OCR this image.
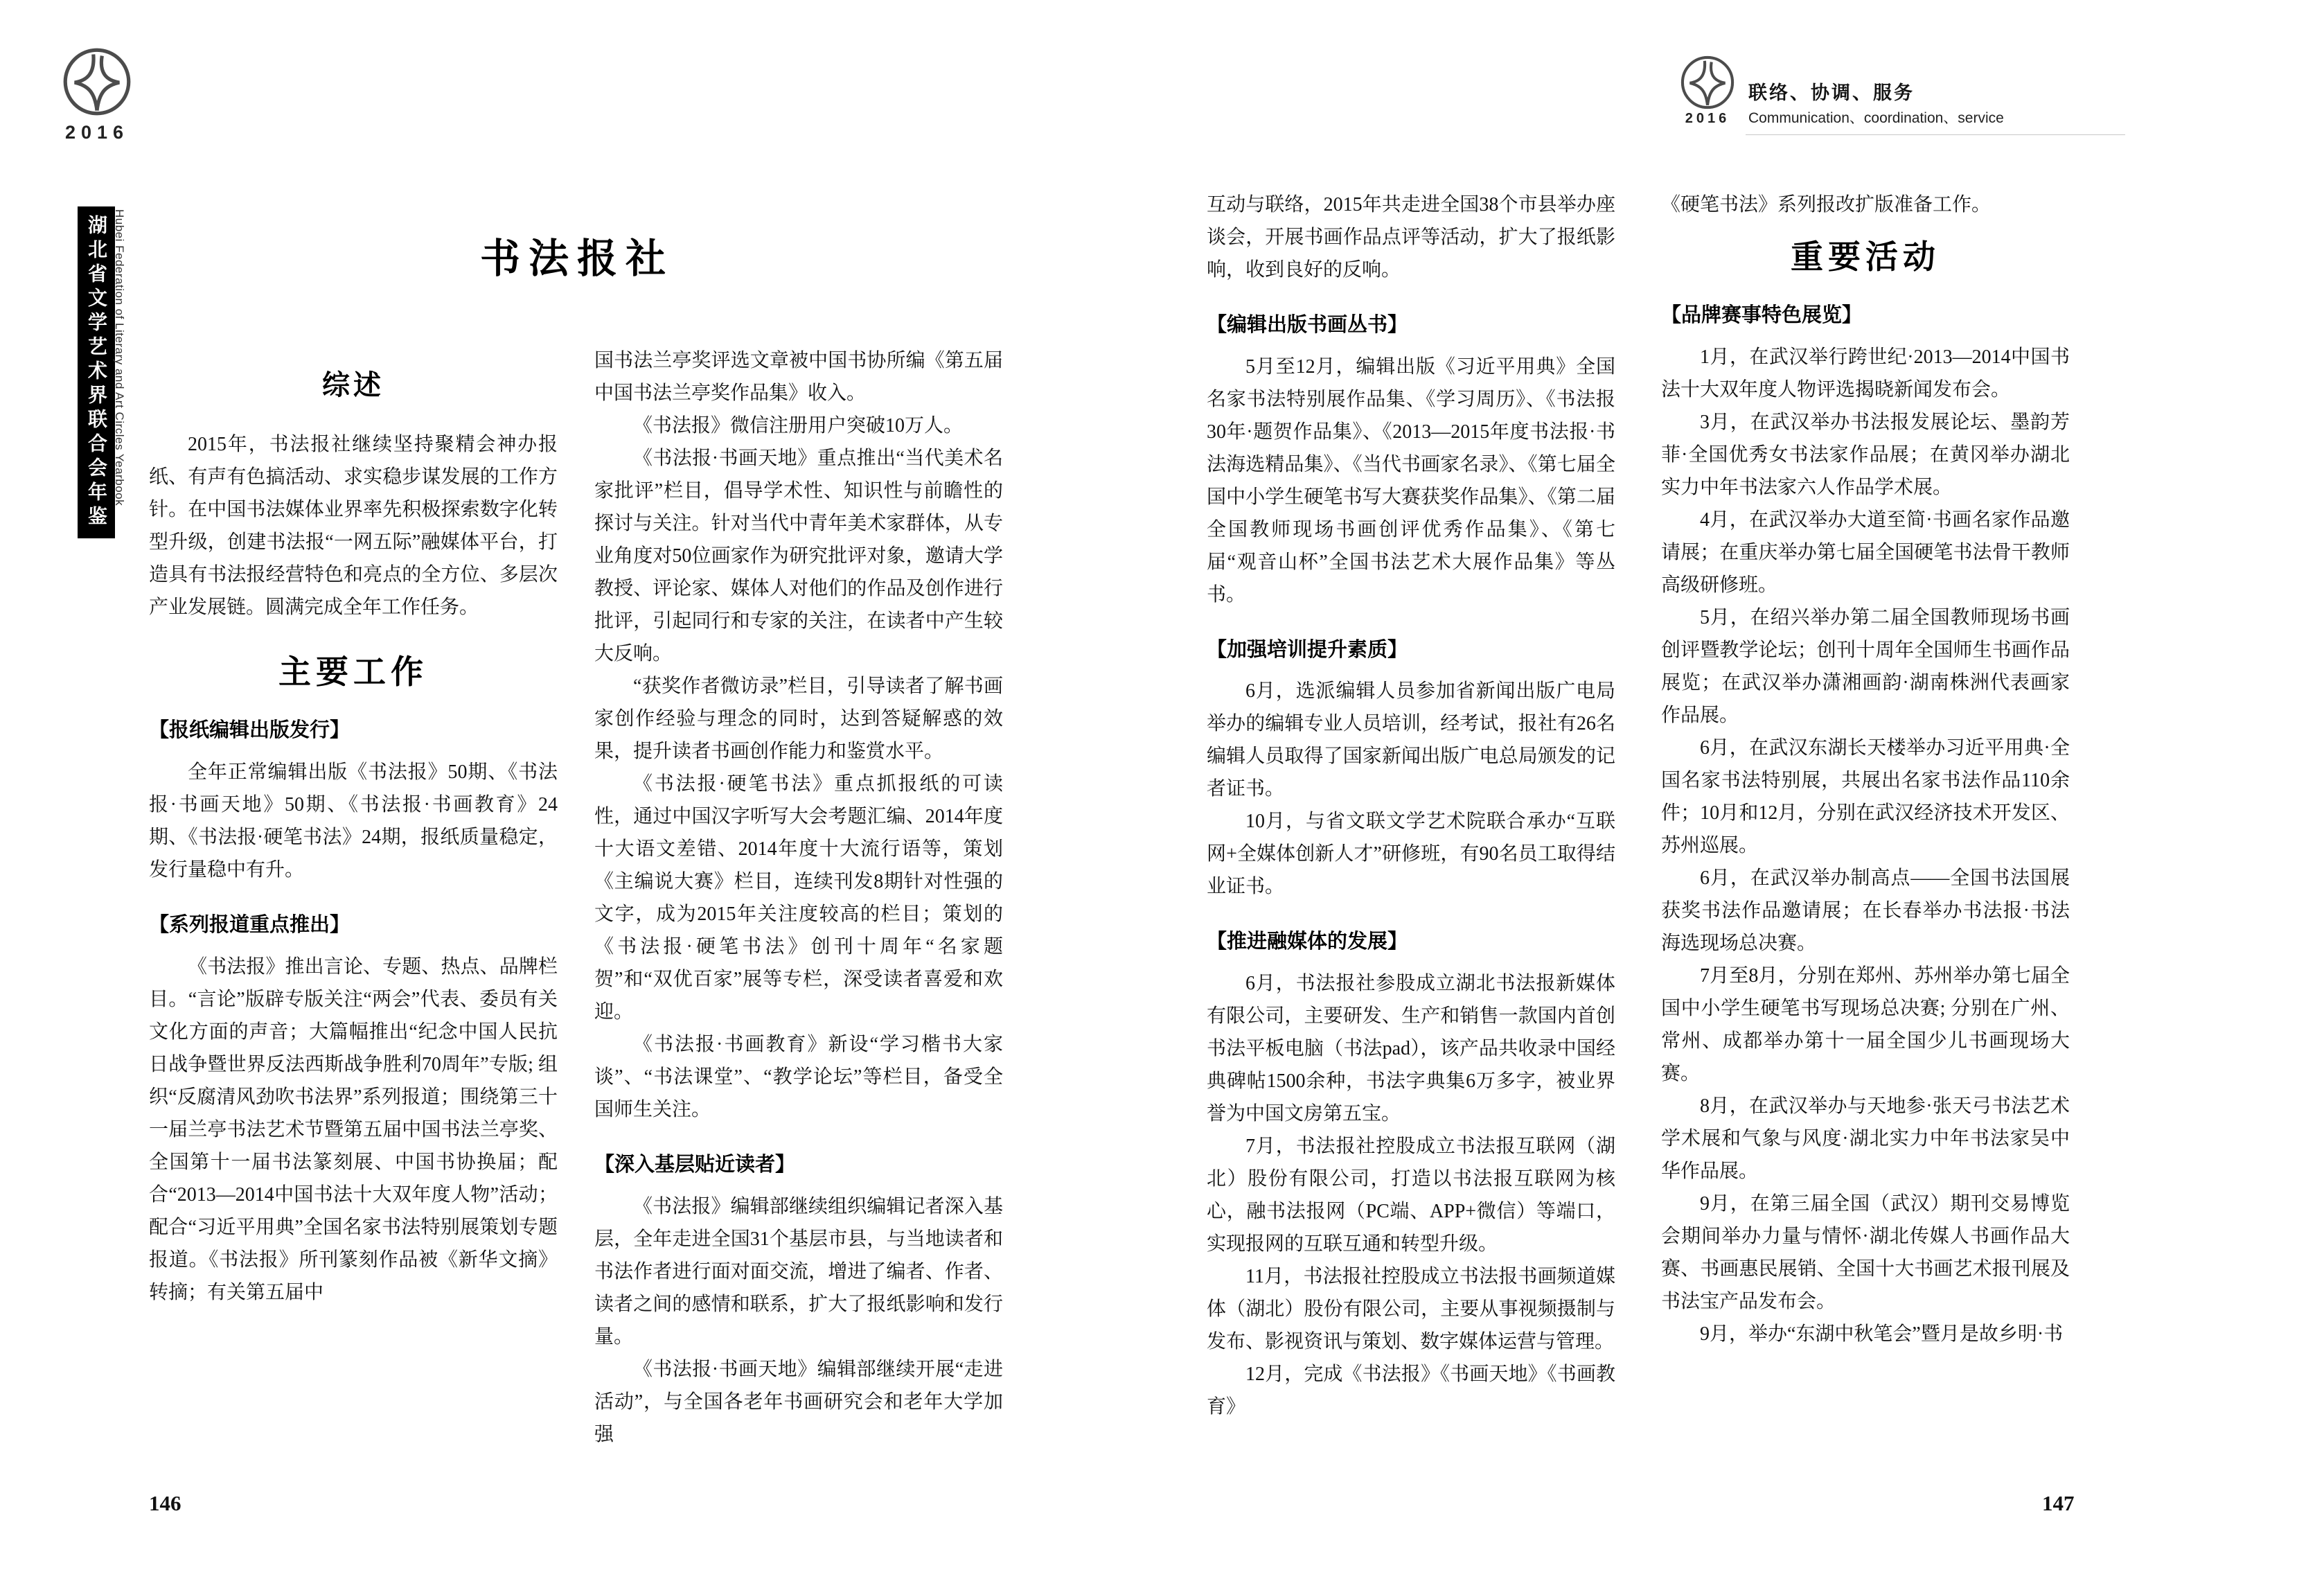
2016
湖北省文学艺术界联合会年鉴 Hubei Federation of Literary and Art Circles Yearbook
2016
联络、协调、服务
Communication、coordination、service
书法报社
综述

2015年，书法报社继续坚持聚精会神办报纸、有声有色搞活动、求实稳步谋发展的工作方针。在中国书法媒体业界率先积极探索数字化转型升级，创建书法报“一网五际”融媒体平台，打造具有书法报经营特色和亮点的全方位、多层次产业发展链。圆满完成全年工作任务。

主要工作
【报纸编辑出版发行】

全年正常编辑出版《书法报》50期、《书法报·书画天地》50期、《书法报·书画教育》24期、《书法报·硬笔书法》24期，报纸质量稳定，发行量稳中有升。

【系列报道重点推出】

《书法报》推出言论、专题、热点、品牌栏目。“言论”版辟专版关注“两会”代表、委员有关文化方面的声音；大篇幅推出“纪念中国人民抗日战争暨世界反法西斯战争胜利70周年”专版; 组织“反腐清风劲吹书法界”系列报道；围绕第三十一届兰亭书法艺术节暨第五届中国书法兰亭奖、全国第十一届书法篆刻展、中国书协换届；配合“2013—2014中国书法十大双年度人物”活动；配合“习近平用典”全国名家书法特别展策划专题报道。《书法报》所刊篆刻作品被《新华文摘》转摘；有关第五届中

国书法兰亭奖评选文章被中国书协所编《第五届中国书法兰亭奖作品集》收入。

《书法报》微信注册用户突破10万人。

《书法报·书画天地》重点推出“当代美术名家批评”栏目，倡导学术性、知识性与前瞻性的探讨与关注。针对当代中青年美术家群体，从专业角度对50位画家作为研究批评对象，邀请大学教授、评论家、媒体人对他们的作品及创作进行批评，引起同行和专家的关注，在读者中产生较大反响。

“获奖作者微访录”栏目，引导读者了解书画家创作经验与理念的同时，达到答疑解惑的效果，提升读者书画创作能力和鉴赏水平。

《书法报·硬笔书法》重点抓报纸的可读性，通过中国汉字听写大会考题汇编、2014年度十大语文差错、2014年度十大流行语等，策划《主编说大赛》栏目，连续刊发8期针对性强的文字，成为2015年关注度较高的栏目；策划的《书法报·硬笔书法》创刊十周年“名家题贺”和“双优百家”展等专栏，深受读者喜爱和欢迎。

《书法报·书画教育》新设“学习楷书大家谈”、“书法课堂”、“教学论坛”等栏目，备受全国师生关注。

【深入基层贴近读者】

《书法报》编辑部继续组织编辑记者深入基层，全年走进全国31个基层市县，与当地读者和书法作者进行面对面交流，增进了编者、作者、读者之间的感情和联系，扩大了报纸影响和发行量。

《书法报·书画天地》编辑部继续开展“走进活动”，与全国各老年书画研究会和老年大学加强

互动与联络，2015年共走进全国38个市县举办座谈会，开展书画作品点评等活动，扩大了报纸影响，收到良好的反响。

【编辑出版书画丛书】

5月至12月，编辑出版《习近平用典》全国名家书法特别展作品集、《学习周历》、《书法报30年·题贺作品集》、《2013—2015年度书法报·书法海选精品集》、《当代书画家名录》、《第七届全国中小学生硬笔书写大赛获奖作品集》、《第二届全国教师现场书画创评优秀作品集》、《第七届“观音山杯”全国书法艺术大展作品集》等丛书。

【加强培训提升素质】

6月，选派编辑人员参加省新闻出版广电局举办的编辑专业人员培训，经考试，报社有26名编辑人员取得了国家新闻出版广电总局颁发的记者证书。

10月，与省文联文学艺术院联合承办“互联网+全媒体创新人才”研修班，有90名员工取得结业证书。

【推进融媒体的发展】

6月，书法报社参股成立湖北书法报新媒体有限公司，主要研发、生产和销售一款国内首创书法平板电脑（书法pad），该产品共收录中国经典碑帖1500余种，书法字典集6万多字，被业界誉为中国文房第五宝。

7月，书法报社控股成立书法报互联网（湖北）股份有限公司，打造以书法报互联网为核心，融书法报网（PC端、APP+微信）等端口，实现报网的互联互通和转型升级。

11月，书法报社控股成立书法报书画频道媒体（湖北）股份有限公司，主要从事视频摄制与发布、影视资讯与策划、数字媒体运营与管理。

12月，完成《书法报》《书画天地》《书画教育》

《硬笔书法》系列报改扩版准备工作。

重要活动
【品牌赛事特色展览】

1月，在武汉举行跨世纪·2013—2014中国书法十大双年度人物评选揭晓新闻发布会。

3月，在武汉举办书法报发展论坛、墨韵芳菲·全国优秀女书法家作品展；在黄冈举办湖北实力中年书法家六人作品学术展。

4月，在武汉举办大道至简·书画名家作品邀请展；在重庆举办第七届全国硬笔书法骨干教师高级研修班。

5月，在绍兴举办第二届全国教师现场书画创评暨教学论坛；创刊十周年全国师生书画作品展览；在武汉举办潇湘画韵·湖南株洲代表画家作品展。

6月，在武汉东湖长天楼举办习近平用典·全国名家书法特别展，共展出名家书法作品110余件；10月和12月，分别在武汉经济技术开发区、苏州巡展。

6月，在武汉举办制高点——全国书法国展获奖书法作品邀请展；在长春举办书法报·书法海选现场总决赛。

7月至8月，分别在郑州、苏州举办第七届全国中小学生硬笔书写现场总决赛; 分别在广州、常州、成都举办第十一届全国少儿书画现场大赛。

8月，在武汉举办与天地参·张天弓书法艺术学术展和气象与风度·湖北实力中年书法家吴中华作品展。

9月，在第三届全国（武汉）期刊交易博览会期间举办力量与情怀·湖北传媒人书画作品大赛、书画惠民展销、全国十大书画艺术报刊展及书法宝产品发布会。

9月，举办“东湖中秋笔会”暨月是故乡明·书

146	147
